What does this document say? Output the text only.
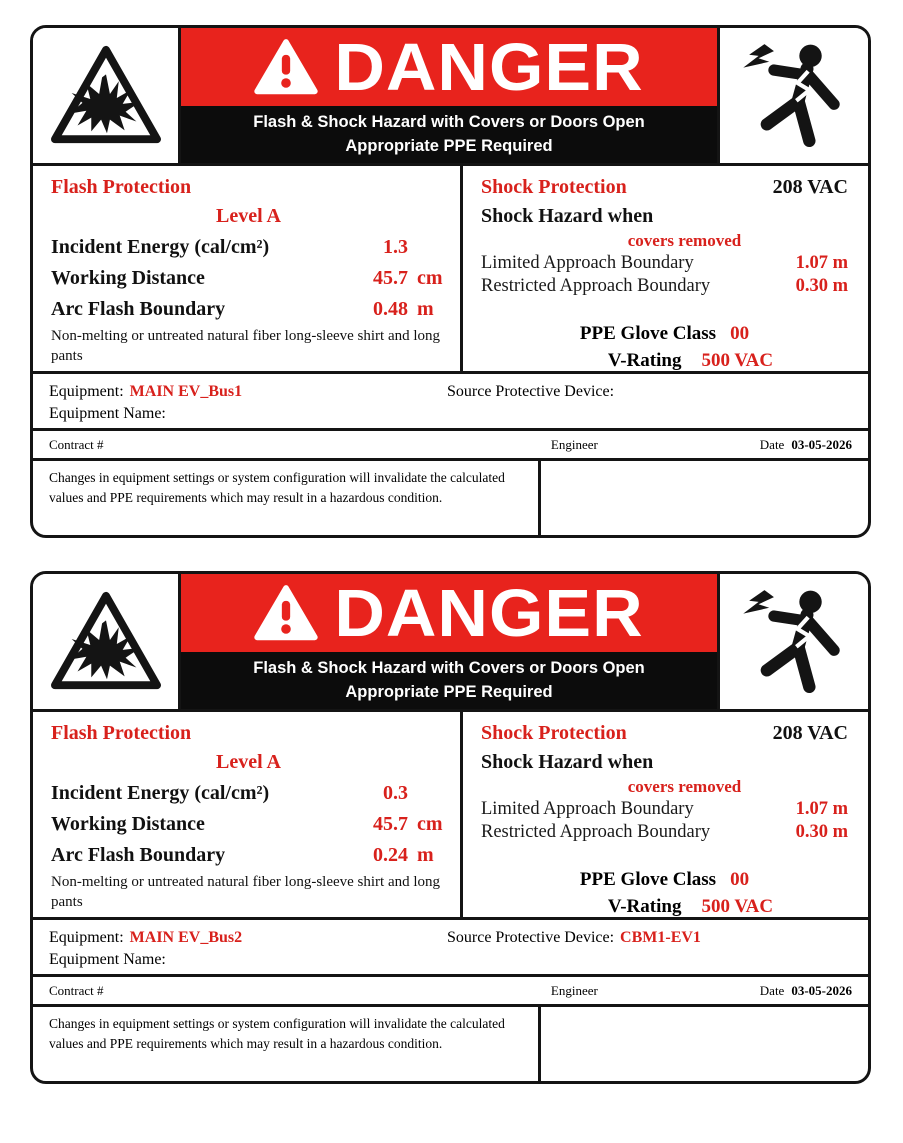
DANGER
Flash & Shock Hazard with Covers or Doors Open
Appropriate PPE Required
Flash Protection
Level A
Incident Energy (cal/cm²)	1.3
Working Distance	45.7 cm
Arc Flash Boundary	0.48 m
Non-melting or untreated natural fiber long-sleeve shirt and long pants
Shock Protection	208 VAC
Shock Hazard when
covers removed
Limited Approach Boundary	1.07 m
Restricted Approach Boundary	0.30 m
PPE Glove Class 00
V-Rating 500 VAC
Equipment: MAIN EV_Bus1	Source Protective Device:
Equipment Name:
Contract #	Engineer	Date 03-05-2026
Changes in equipment settings or system configuration will invalidate the calculated values and PPE requirements which may result in a hazardous condition.
DANGER
Flash & Shock Hazard with Covers or Doors Open
Appropriate PPE Required
Flash Protection
Level A
Incident Energy (cal/cm²)	0.3
Working Distance	45.7 cm
Arc Flash Boundary	0.24 m
Non-melting or untreated natural fiber long-sleeve shirt and long pants
Shock Protection	208 VAC
Shock Hazard when
covers removed
Limited Approach Boundary	1.07 m
Restricted Approach Boundary	0.30 m
PPE Glove Class 00
V-Rating 500 VAC
Equipment: MAIN EV_Bus2	Source Protective Device: CBM1-EV1
Equipment Name:
Contract #	Engineer	Date 03-05-2026
Changes in equipment settings or system configuration will invalidate the calculated values and PPE requirements which may result in a hazardous condition.
